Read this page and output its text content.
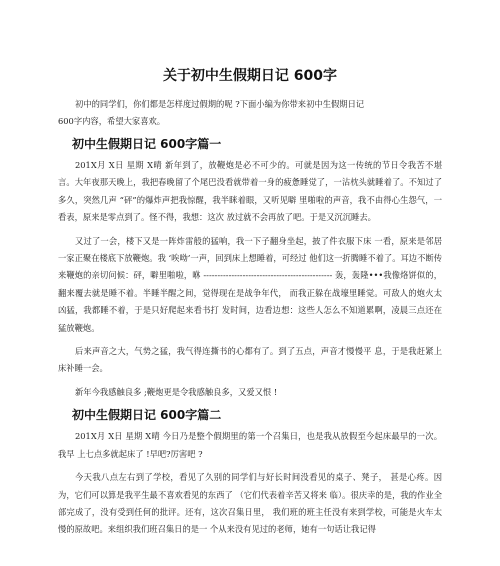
关于初中生假期日记 600字

初中的同学们，你们都是怎样度过假期的呢 ?下面小编为你带来初中生假期日记

600字内容，希望大家喜欢。

初中生假期日记 600字篇一

201X月 X日 星期 X晴 新年到了，放鞭炮是必不可少的。可就是因为这一传统的节日令我苦不堪言。大年夜那天晚上，我把春晚留了个尾巴没看就带着一身的疲惫睡觉了，一沾枕头就睡着了。不知过了多久，突然几声 “砰”的爆炸声把我惊醒，我半眯着眼，又听见噼 里啪啦的声音，我不由得心生怨气，一看表，原来是零点到了。怪不得，我想：这次 放过就不会再放了吧。于是又沉沉睡去。

又过了一会，楼下又是一阵炸雷般的猛响，我一下子翻身坐起，披了件衣服下床 一看，原来是邻居一家正聚在楼底下放鞭炮。我 ‘唉呦’一声，回到床上想睡着，可经过 他们这一折腾睡不着了。耳边不断传来鞭炮的亲切问候：砰，噼里啪啦，咻 ---------------------------------------------- 轰，轰隆•••我像烙饼似的，翻来覆去就是睡不着。半睡半醒之间，觉得现在是战争年代， 而我正躲在战壕里睡觉。可敌人的炮火太凶猛，我都睡不着，于是只好爬起来看书打 发时间，边看边想：这些人怎么不知道累啊，凌晨三点还在猛放鞭炮。

后来声音之大，气势之猛，我气得连撕书的心都有了。到了五点，声音才慢慢平 息，于是我赶紧上床补睡一会。

新年今我感触良多 ;鞭炮更是令我感触良多，又爱又恨 !

初中生假期日记 600字篇二

201X月 X日 星期 X晴 今日乃是整个假期里的第一个召集日，也是我从放假至今起床最早的一次。我早 上七点多就起床了 !早吧?厉害吧 ?

今天我八点左右到了学校，看见了久别的同学们与好长时间没看见的桌子、凳子， 甚是心疼。因为，它们可以算是我平生最不喜欢看见的东西了 （它们代表着辛苦又将来 临）。很庆幸的是，我的作业全部完成了，没有受到任何的批评。还有，这次召集日里， 我们班的班主任没有来到学校，可能是火车太慢的原故吧。来组织我们班召集日的是一 个从来没有见过的老师，她有一句话让我记得
